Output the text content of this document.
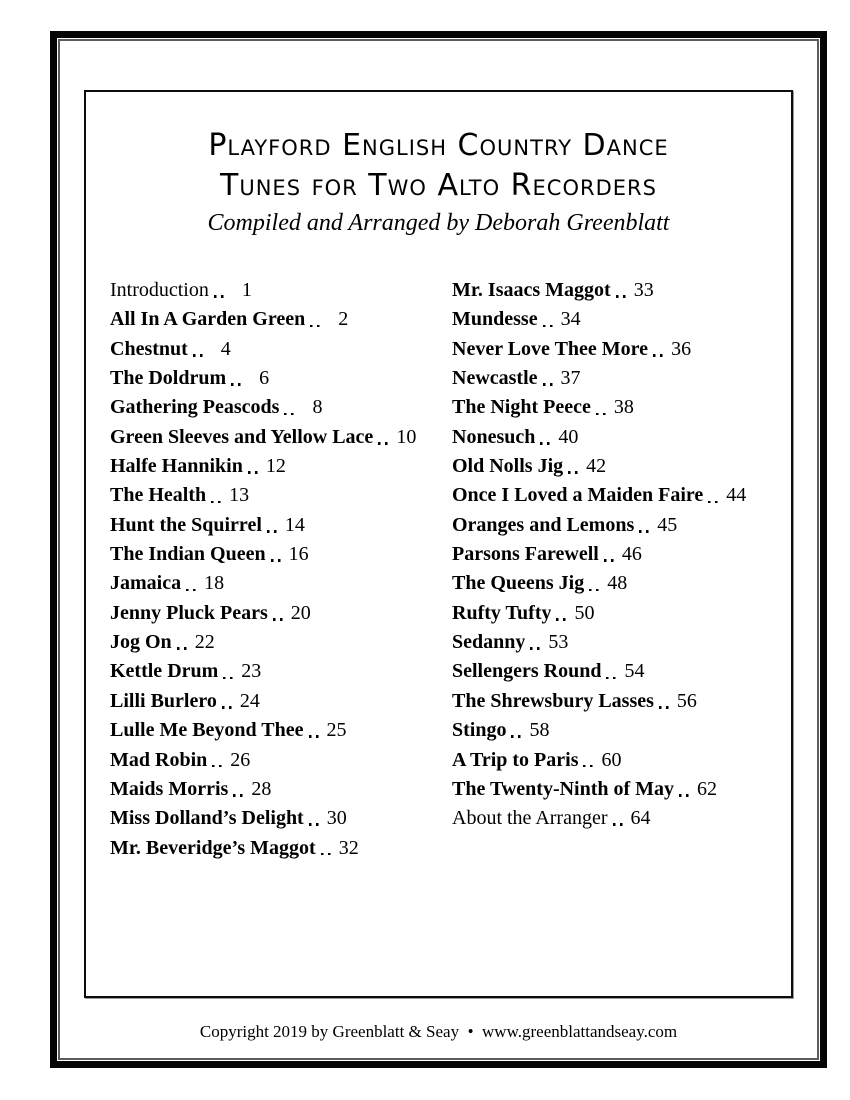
Playford English Country Dance
Tunes for Two Alto Recorders
Compiled and Arranged by Deborah Greenblatt
Introduction	1
All In A Garden Green	2
Chestnut	4
The Doldrum	6
Gathering Peascods	8
Green Sleeves and Yellow Lace 10
Halfe Hannikin 12
The Health 13
Hunt the Squirrel 14
The Indian Queen 16
Jamaica 18
Jenny Pluck Pears 20
Jog On 22
Kettle Drum 23
Lilli Burlero 24
Lulle Me Beyond Thee 25
Mad Robin 26
Maids Morris 28
Miss Dolland’s Delight 30
Mr. Beveridge’s Maggot 32
Mr. Isaacs Maggot 33
Mundesse 34
Never Love Thee More 36
Newcastle 37
The Night Peece 38
Nonesuch 40
Old Nolls Jig 42
Once I Loved a Maiden Faire 44
Oranges and Lemons 45
Parsons Farewell 46
The Queens Jig 48
Rufty Tufty 50
Sedanny 53
Sellengers Round 54
The Shrewsbury Lasses 56
Stingo 58
A Trip to Paris 60
The Twenty-Ninth of May 62
About the Arranger 64
Copyright 2019 by Greenblatt & Seay  •  www.greenblattandseay.com
